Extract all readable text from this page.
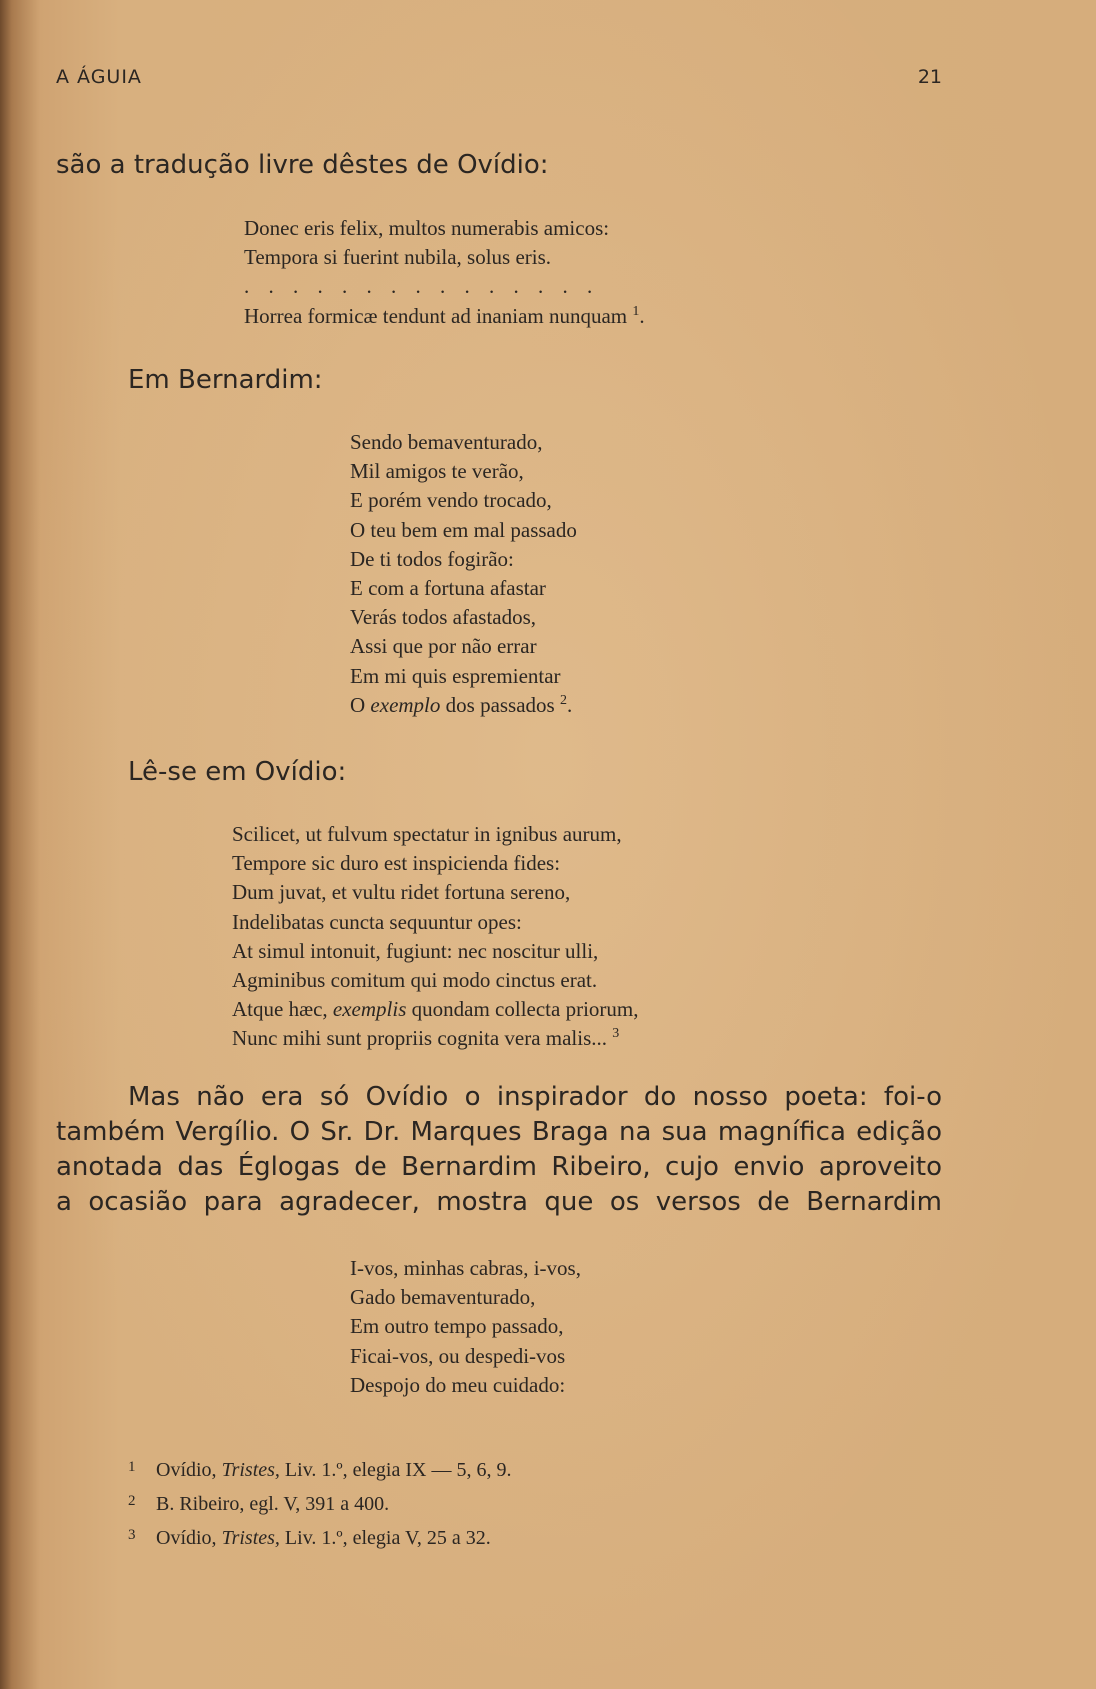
A ÁGUIA	21
são a tradução livre dêstes de Ovídio:
Donec eris felix, multos numerabis amicos:
Tempora si fuerint nubila, solus eris.
. . . . . . . . . . . . . . .
Horrea formicæ tendunt ad inaniam nunquam $^1$.
Em Bernardim:
Sendo bemaventurado,
Mil amigos te verão,
E porém vendo trocado,
O teu bem em mal passado
De ti todos fogirão:
E com a fortuna afastar
Verás todos afastados,
Assi que por não errar
Em mi quis espremientar
O exemplo dos passados $^2$.
Lê-se em Ovídio:
Scilicet, ut fulvum spectatur in ignibus aurum,
Tempore sic duro est inspicienda fides:
Dum juvat, et vultu ridet fortuna sereno,
Indelibatas cuncta sequuntur opes:
At simul intonuit, fugiunt: nec noscitur ulli,
Agminibus comitum qui modo cinctus erat.
Atque hæc, exemplis quondam collecta priorum,
Nunc mihi sunt propriis cognita vera malis... $^3$
Mas não era só Ovídio o inspirador do nosso poeta: foi-o
também Vergílio. O Sr. Dr. Marques Braga na sua magnífica edição
anotada das Églogas de Bernardim Ribeiro, cujo envio aproveito
a ocasião para agradecer, mostra que os versos de Bernardim
I-vos, minhas cabras, i-vos,
Gado bemaventurado,
Em outro tempo passado,
Ficai-vos, ou despedi-vos
Despojo do meu cuidado:
1 Ovídio, Tristes, Liv. 1.º, elegia IX — 5, 6, 9.
2 B. Ribeiro, egl. V, 391 a 400.
3 Ovídio, Tristes, Liv. 1.º, elegia V, 25 a 32.
